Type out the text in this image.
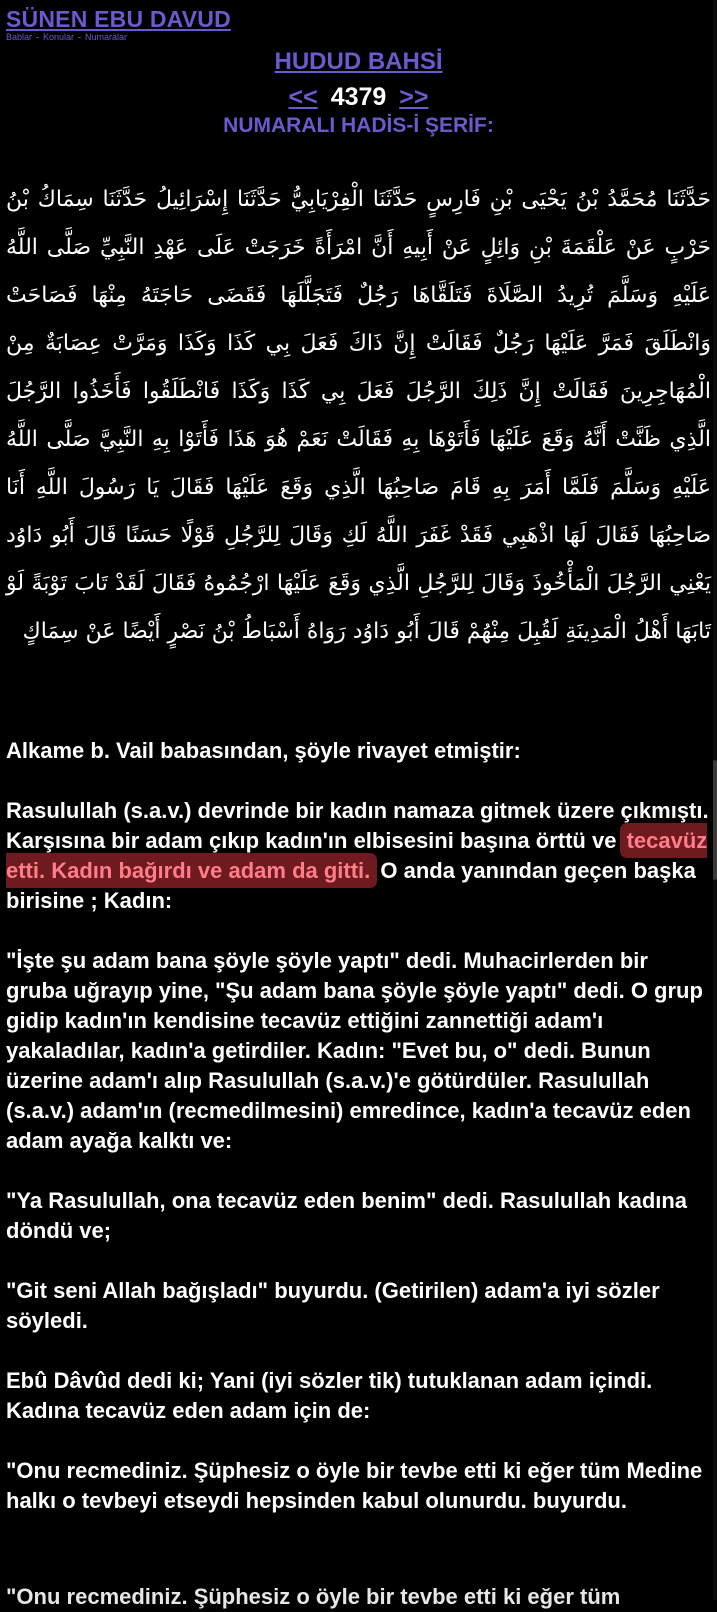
SÜNEN EBU DAVUD
Bablar - Konular - Numaralar
HUDUD BAHSİ
<< 4379 >>
NUMARALI HADİS-İ ŞERİF:
حَدَّثَنَا مُحَمَّدُ بْنُ يَحْيَى بْنِ فَارِسٍ حَدَّثَنَا الْفِرْيَابِيُّ حَدَّثَنَا إِسْرَائِيلُ حَدَّثَنَا سِمَاكُ بْنُ حَرْبٍ عَنْ عَلْقَمَةَ بْنِ وَائِلٍ عَنْ أَبِيهِ أَنَّ امْرَأَةً خَرَجَتْ عَلَى عَهْدِ النَّبِيِّ صَلَّى اللَّهُ عَلَيْهِ وَسَلَّمَ تُرِيدُ الصَّلَاةَ فَتَلَقَّاهَا رَجُلٌ فَتَجَلَّلَهَا فَقَضَى حَاجَتَهُ مِنْهَا فَصَاحَتْ وَانْطَلَقَ فَمَرَّ عَلَيْهَا رَجُلٌ فَقَالَتْ إِنَّ ذَاكَ فَعَلَ بِي كَذَا وَكَذَا وَمَرَّتْ عِصَابَةٌ مِنْ الْمُهَاجِرِينَ فَقَالَتْ إِنَّ ذَلِكَ الرَّجُلَ فَعَلَ بِي كَذَا وَكَذَا فَانْطَلَقُوا فَأَخَذُوا الرَّجُلَ الَّذِي ظَنَّتْ أَنَّهُ وَقَعَ عَلَيْهَا فَأَتَوْهَا بِهِ فَقَالَتْ نَعَمْ هُوَ هَذَا فَأَتَوْا بِهِ النَّبِيَّ صَلَّى اللَّهُ عَلَيْهِ وَسَلَّمَ فَلَمَّا أَمَرَ بِهِ قَامَ صَاحِبُهَا الَّذِي وَقَعَ عَلَيْهَا فَقَالَ يَا رَسُولَ اللَّهِ أَنَا صَاحِبُهَا فَقَالَ لَهَا اذْهَبِي فَقَدْ غَفَرَ اللَّهُ لَكِ وَقَالَ لِلرَّجُلِ قَوْلًا حَسَنًا قَالَ أَبُو دَاوُد يَعْنِي الرَّجُلَ الْمَأْخُوذَ وَقَالَ لِلرَّجُلِ الَّذِي وَقَعَ عَلَيْهَا ارْجُمُوهُ فَقَالَ لَقَدْ تَابَ تَوْبَةً لَوْ تَابَهَا أَهْلُ الْمَدِينَةِ لَقُبِلَ مِنْهُمْ قَالَ أَبُو دَاوُد رَوَاهُ أَسْبَاطُ بْنُ نَصْرٍ أَيْضًا عَنْ سِمَاكٍ

Alkame b. Vail babasından, şöyle rivayet etmiştir:

Rasulullah (s.a.v.) devrinde bir kadın namaza gitmek üzere çıkmıştı. Karşısına bir adam çıkıp kadın'ın elbisesini başına örttü ve tecavüz etti. Kadın bağırdı ve adam da gitti. O anda yanından geçen başka birisine ; Kadın:

"İşte şu adam bana şöyle şöyle yaptı" dedi. Muhacirlerden bir gruba uğrayıp yine, "Şu adam bana şöyle şöyle yaptı" dedi. O grup gidip kadın'ın kendisine tecavüz ettiğini zannettiği adam'ı yakaladılar, kadın'a getirdiler. Kadın: "Evet bu, o" dedi. Bunun üzerine adam'ı alıp Rasulullah (s.a.v.)'e götürdüler. Rasulullah (s.a.v.) adam'ın (recmedilmesini) emredince, kadın'a tecavüz eden adam ayağa kalktı ve:

"Ya Rasulullah, ona tecavüz eden benim" dedi. Rasulullah kadına döndü ve;

"Git seni Allah bağışladı" buyurdu. (Getirilen) adam'a iyi sözler söyledi.

Ebû Dâvûd dedi ki; Yani (iyi sözler tik) tutuklanan adam içindi. Kadına tecavüz eden adam için de:

"Onu recmediniz. Şüphesiz o öyle bir tevbe etti ki eğer tüm Medine halkı o tevbeyi etseydi hepsinden kabul olunurdu. buyurdu.

"Onu recmediniz. Şüphesiz o öyle bir tevbe etti ki eğer tüm
